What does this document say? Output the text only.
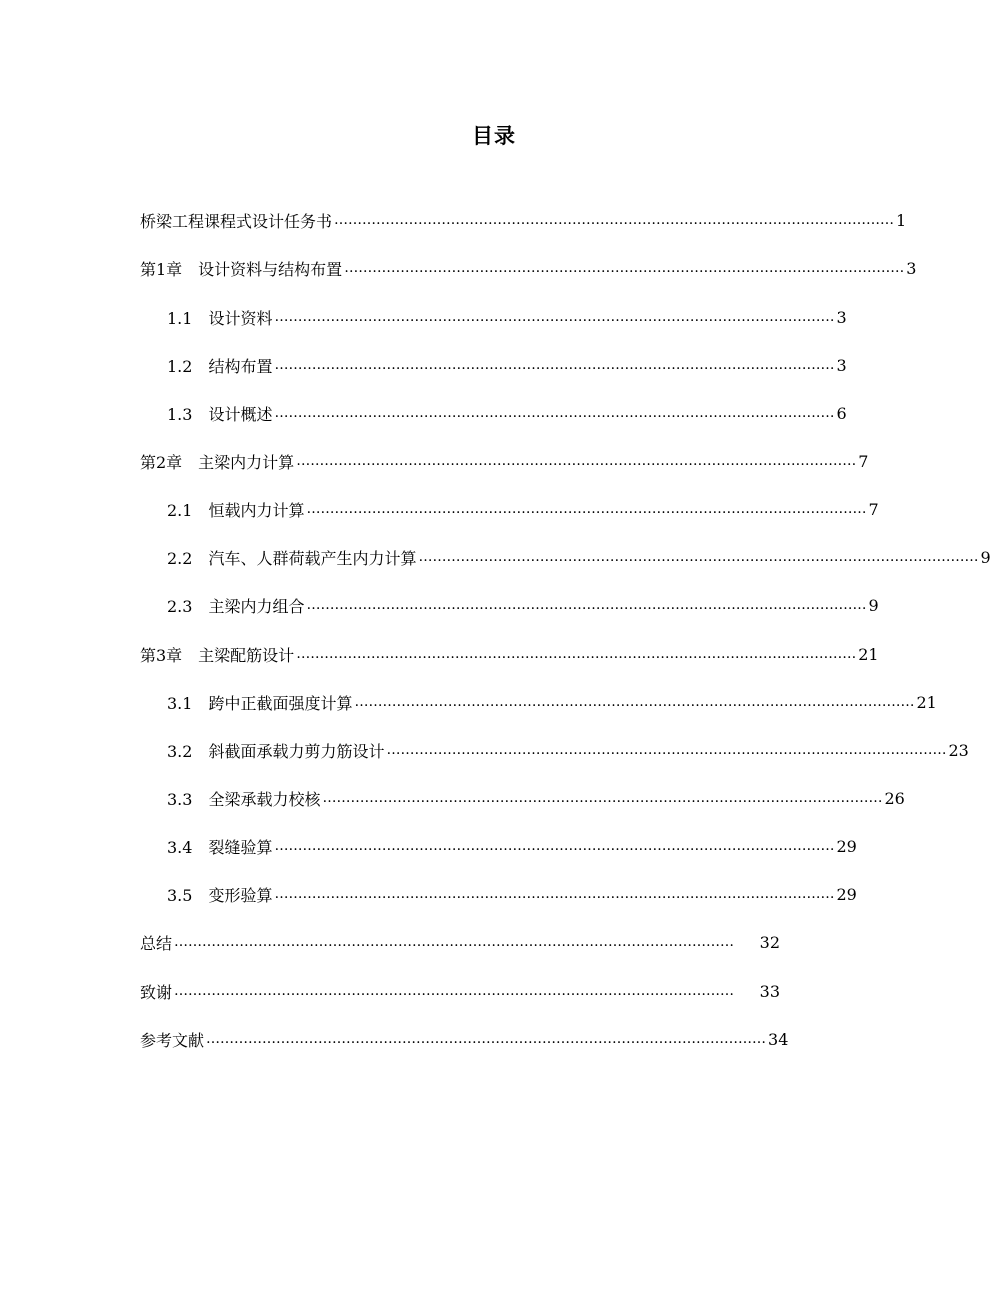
目录
桥梁工程课程式设计任务书 ………………………………………………………………………………………………………… 1
第1章　设计资料与结构布置 ………………………………………………………………………………………………………… 3
1.1　设计资料 ………………………………………………………………………………………………………… 3
1.2　结构布置 ………………………………………………………………………………………………………… 3
1.3　设计概述 ………………………………………………………………………………………………………… 6
第2章　主梁内力计算 ………………………………………………………………………………………………………… 7
2.1　恒载内力计算 ………………………………………………………………………………………………………… 7
2.2　汽车、人群荷载产生内力计算 ………………………………………………………………………………………………………… 9
2.3　主梁内力组合 ………………………………………………………………………………………………………… 9
第3章　主梁配筋设计 ………………………………………………………………………………………………………… 21
3.1　跨中正截面强度计算 ………………………………………………………………………………………………………… 21
3.2　斜截面承载力剪力筋设计 ………………………………………………………………………………………………………… 23
3.3　全梁承载力校核 ………………………………………………………………………………………………………… 26
3.4　裂缝验算 ………………………………………………………………………………………………………… 29
3.5　变形验算 ………………………………………………………………………………………………………… 29
总结 …………………………………………………………………………………………………………	32
致谢 …………………………………………………………………………………………………………	33
参考文献 ………………………………………………………………………………………………………… 34
